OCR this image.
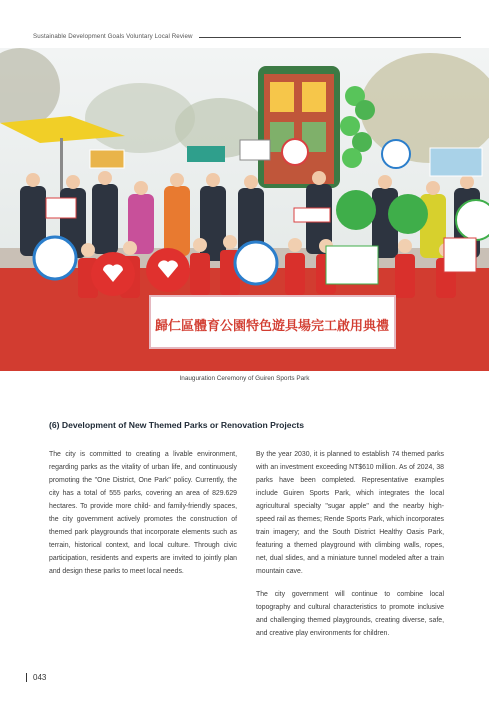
Sustainable Development Goals Voluntary Local Review
歸仁區體育公園特色遊具場完工啟用典禮
Inauguration Ceremony of Guiren Sports Park
(6) Development of New Themed Parks or Renovation Projects

The city is committed to creating a livable environment, regarding parks as the vitality of urban life, and continuously promoting the "One District, One Park" policy. Currently, the city has a total of 555 parks, covering an area of 829.629 hectares. To provide more child- and family-friendly spaces, the city government actively promotes the construction of themed park playgrounds that incorporate elements such as terrain, historical context, and local culture. Through civic participation, residents and experts are invited to jointly plan and design these parks to meet local needs.

By the year 2030, it is planned to establish 74 themed parks with an investment exceeding NT$610 million. As of 2024, 38 parks have been completed. Representative examples include Guiren Sports Park, which integrates the local agricultural specialty "sugar apple" and the nearby high-speed rail as themes; Rende Sports Park, which incorporates train imagery; and the South District Healthy Oasis Park, featuring a themed playground with climbing walls, ropes, net, dual slides, and a miniature tunnel modeled after a train mountain cave.

The city government will continue to combine local topography and cultural characteristics to promote inclusive and challenging themed playgrounds, creating diverse, safe, and creative play environments for children.

043
